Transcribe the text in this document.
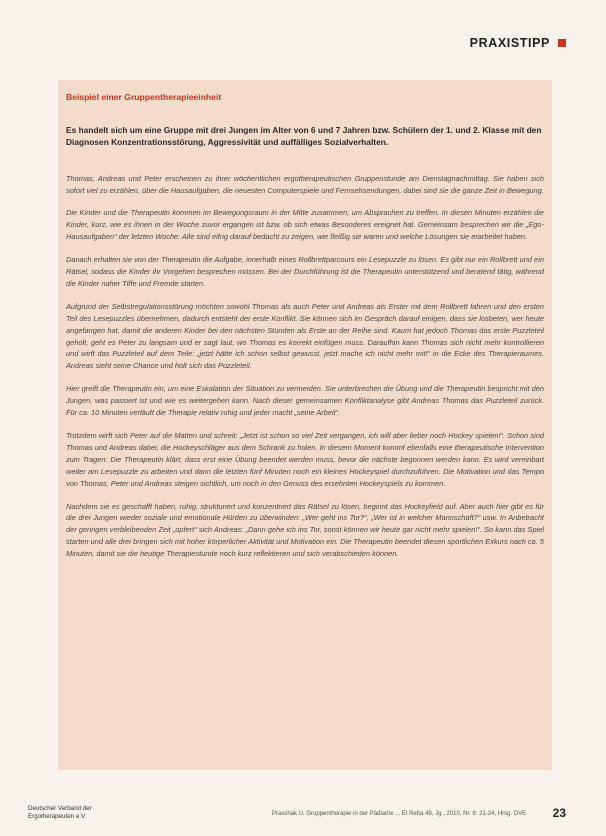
PRAXISTIPP
Beispiel einer Gruppentherapieeinheit

Es handelt sich um eine Gruppe mit drei Jungen im Alter von 6 und 7 Jahren bzw. Schülern der 1. und 2. Klasse mit den Diagnosen Konzentrationsstörung, Aggressivität und auffälliges Sozialverhalten.

Thomas, Andreas und Peter erscheinen zu ihrer wöchentlichen ergotherapeutischen Gruppenstunde am Dienstagnachmittag. Sie haben sich sofort viel zu erzählen, über die Hausaufgaben, die neuesten Computerspiele und Fernsehsendungen, dabei sind sie die ganze Zeit in Bewegung.

Die Kinder und die Therapeutin kommen im Bewegungsraum in der Mitte zusammen, um Absprachen zu treffen. In diesen Minuten erzählen die Kinder, kurz, wie es ihnen in der Woche zuvor ergangen ist bzw. ob sich etwas Besonderes ereignet hat. Gemeinsam besprechen wir die „Ego-Hausaufgaben“ der letzten Woche: Alle sind eifrig darauf bedacht zu zeigen, wie fleißig sie waren und welche Lösungen sie erarbeitet haben.

Danach erhalten sie von der Therapeutin die Aufgabe, innerhalb eines Rollbrettparcours ein Lesepuzzle zu lösen. Es gibt nur ein Rollbrett und ein Rätsel, sodass die Kinder ihr Vorgehen besprechen müssen. Bei der Durchführung ist die Therapeutin unterstützend und beratend tätig, während die Kinder naher Tiffe und Fremde starten.

Aufgrund der Selbstregulationsstörung möchten sowohl Thomas als auch Peter und Andreas als Erster mit dem Rollbrett fahren und den ersten Teil des Lesepuzzles übernehmen, dadurch entsteht der erste Konflikt. Sie können sich im Gespräch darauf einigen, dass sie losbeten, wer heute angefangen hat, damit die anderen Kinder bei den nächsten Stunden als Erste an der Reihe sind. Kaum hat jedoch Thomas das erste Puzzleteil geholt, geht es Peter zu langsam und er sagt laut, wo Thomas es korrekt einfügen muss. Daraufhin kann Thomas sich nicht mehr kontrollieren und wirft das Puzzleteil auf dem Teile: „jetzt hätte ich schon selbst gewusst, jetzt mache ich nicht mehr mit!“ in die Ecke des Therapieraumes. Andreas sieht seine Chance und holt sich das Puzzleteil.

Hier greift die Therapeutin ein, um eine Eskalation der Situation zu vermeiden. Sie unterbrechen die Übung und die Therapeutin bespricht mit den Jungen, was passiert ist und wie es weitergehen kann. Nach dieser gemeinsamen Konfliktanalyse gibt Andreas Thomas das Puzzleteil zurück. Für ca. 10 Minuten verläuft die Therapie relativ ruhig und jeder macht „seine Arbeit“.

Trotzdem wirft sich Peter auf die Matten und schreit: „Jetzt ist schon so viel Zeit vergangen, ich will aber lieber noch Hockey spielen!“. Schon sind Thomas und Andreas dabei, die Hockeyschläger aus dem Schrank zu holen. In diesem Moment kommt ebenfalls eine therapeutische Intervention zum Tragen: Die Therapeutin klärt, dass erst eine Übung beendet werden muss, bevor die nächste begonnen werden kann. Es wird vereinbart weiter am Lesepuzzle zu arbeiten und dann die letzten fünf Minuten noch ein kleines Hockeyspiel durchzuführen. Die Motivation und das Tempo von Thomas, Peter und Andreas steigen sichtlich, um noch in den Genuss des ersehnten Hockeyspiels zu kommen.

Nachdem sie es geschafft haben, ruhig, strukturiert und konzentriert das Rätsel zu lösen, beginnt das Hockeyfield auf. Aber auch hier gibt es für die drei Jungen wieder soziale und emotionale Hürden zu überwinden: „Wer geht ins Tor?“, „Wer ist in welcher Mannschaft?“ usw. In Anbetracht der geringen verbleibenden Zeit „opfert“ sich Andreas: „Dann gehe ich ins Tor, sonst können wir heute gar nicht mehr spielen!“. So kann das Spiel starten und alle drei bringen sich mit hoher körperlicher Aktivität und Motivation ein. Die Therapeutin beendet diesen sportlichen Exkurs nach ca. 5 Minuten, damit sie die heutige Therapiestunde noch kurz reflektieren und sich verabschieden können.

Deutscher Verband der
Ergotherapeuten e.V.	Praschak U. Gruppentherapie in der Pädiatrie ... Et Reha 49, Jg., 2010, Nr. 6: 21-24, Hrsg. DVE 23
